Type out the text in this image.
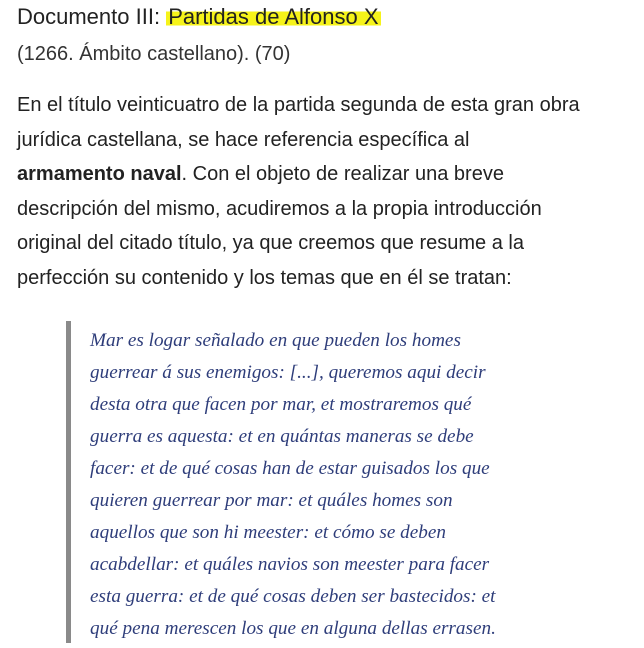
Documento III: Partidas de Alfonso X

(1266. Ámbito castellano). (70)

En el título veinticuatro de la partida segunda de esta gran obra
jurídica castellana, se hace referencia específica al
armamento naval. Con el objeto de realizar una breve
descripción del mismo, acudiremos a la propia introducción
original del citado título, ya que creemos que resume a la
perfección su contenido y los temas que en él se tratan:

Mar es logar señalado en que pueden los homes
guerrear á sus enemigos: [...], queremos aqui decir
desta otra que facen por mar, et mostraremos qué
guerra es aquesta: et en quántas maneras se debe
facer: et de qué cosas han de estar guisados los que
quieren guerrear por mar: et quáles homes son
aquellos que son hi meester: et cómo se deben
acabdellar: et quáles navios son meester para facer
esta guerra: et de qué cosas deben ser bastecidos: et
qué pena merescen los que en alguna dellas errasen.
